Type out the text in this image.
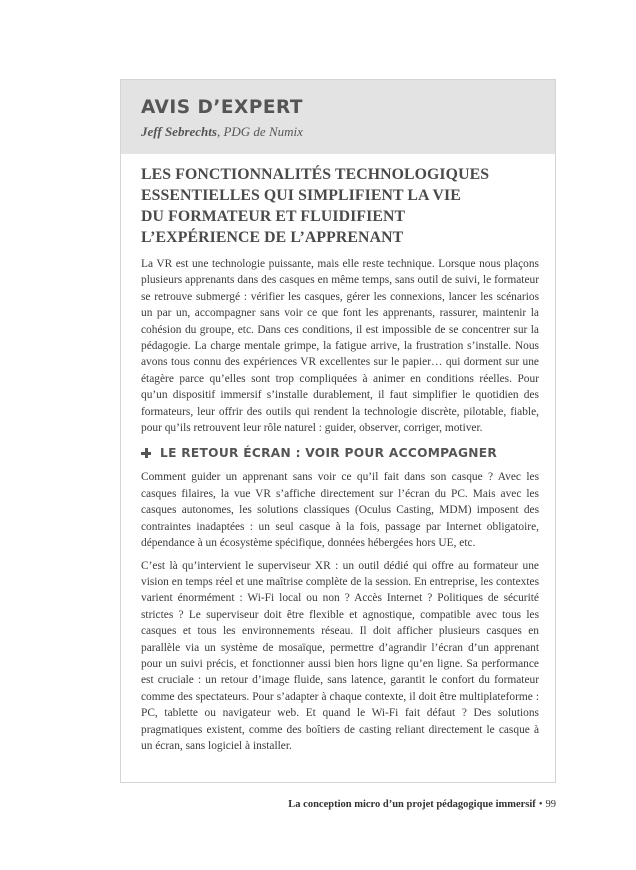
AVIS D’EXPERT
Jeff Sebrechts, PDG de Numix
LES FONCTIONNALITÉS TECHNOLOGIQUES
ESSENTIELLES QUI SIMPLIFIENT LA VIE
DU FORMATEUR ET FLUIDIFIENT
L’EXPÉRIENCE DE L’APPRENANT

La VR est une technologie puissante, mais elle reste technique. Lorsque nous plaçons plusieurs apprenants dans des casques en même temps, sans outil de suivi, le formateur se retrouve submergé : vérifier les casques, gérer les connexions, lancer les scénarios un par un, accompagner sans voir ce que font les apprenants, rassurer, maintenir la cohésion du groupe, etc. Dans ces conditions, il est impossible de se concentrer sur la pédagogie. La charge mentale grimpe, la fatigue arrive, la frustration s’installe. Nous avons tous connu des expériences VR excellentes sur le papier… qui dorment sur une étagère parce qu’elles sont trop compliquées à animer en conditions réelles. Pour qu’un dispositif immersif s’installe durablement, il faut simplifier le quotidien des formateurs, leur offrir des outils qui rendent la technologie discrète, pilotable, fiable, pour qu’ils retrouvent leur rôle naturel : guider, observer, corriger, motiver.

LE RETOUR ÉCRAN : VOIR POUR ACCOMPAGNER

Comment guider un apprenant sans voir ce qu’il fait dans son casque ? Avec les casques filaires, la vue VR s’affiche directement sur l’écran du PC. Mais avec les casques autonomes, les solutions classiques (Oculus Casting, MDM) imposent des contraintes inadaptées : un seul casque à la fois, passage par Internet obligatoire, dépendance à un écosystème spécifique, données hébergées hors UE, etc.

C’est là qu’intervient le superviseur XR : un outil dédié qui offre au formateur une vision en temps réel et une maîtrise complète de la session. En entreprise, les contextes varient énormément : Wi-Fi local ou non ? Accès Internet ? Politiques de sécurité strictes ? Le superviseur doit être flexible et agnostique, compatible avec tous les casques et tous les environnements réseau. Il doit afficher plusieurs casques en parallèle via un système de mosaïque, permettre d’agrandir l’écran d’un apprenant pour un suivi précis, et fonctionner aussi bien hors ligne qu’en ligne. Sa performance est cruciale : un retour d’image fluide, sans latence, garantit le confort du formateur comme des spectateurs. Pour s’adapter à chaque contexte, il doit être multiplateforme : PC, tablette ou navigateur web. Et quand le Wi-Fi fait défaut ? Des solutions pragmatiques existent, comme des boîtiers de casting reliant directement le casque à un écran, sans logiciel à installer.

La conception micro d’un projet pédagogique immersif • 99
